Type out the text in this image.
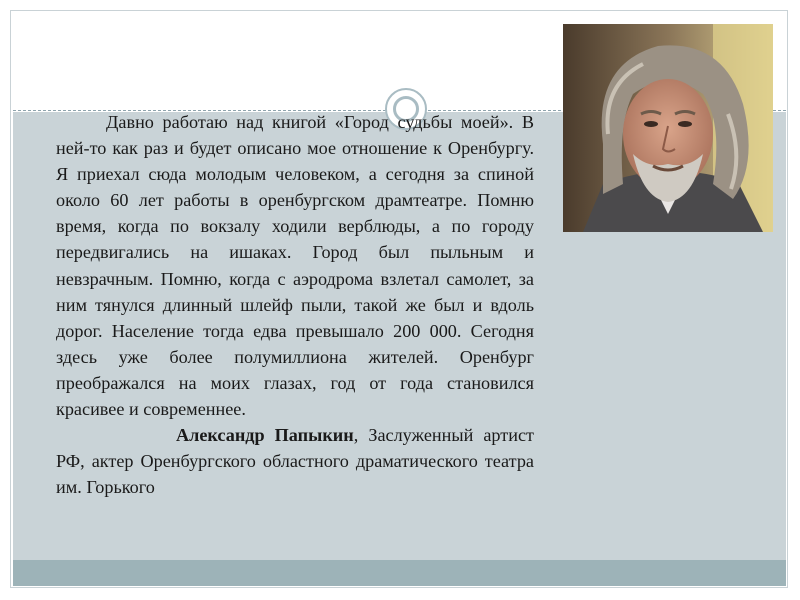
Давно работаю над книгой «Город судьбы моей». В ней-то как раз и будет описано мое отношение к Оренбургу. Я приехал сюда молодым человеком, а сегодня за спиной около 60 лет работы в оренбургском драмтеатре. Помню время, когда по вокзалу ходили верблюды, а по городу передвигались на ишаках. Город был пыльным и невзрачным. Помню, когда с аэродрома взлетал самолет, за ним тянулся длинный шлейф пыли, такой же был и вдоль дорог. Население тогда едва превышало 200 000. Сегодня здесь уже более полумиллиона жителей. Оренбург преображался на моих глазах, год от года становился красивее и современнее.

Александр Папыкин, Заслуженный артист РФ, актер Оренбургского областного драматического театра им. Горького
